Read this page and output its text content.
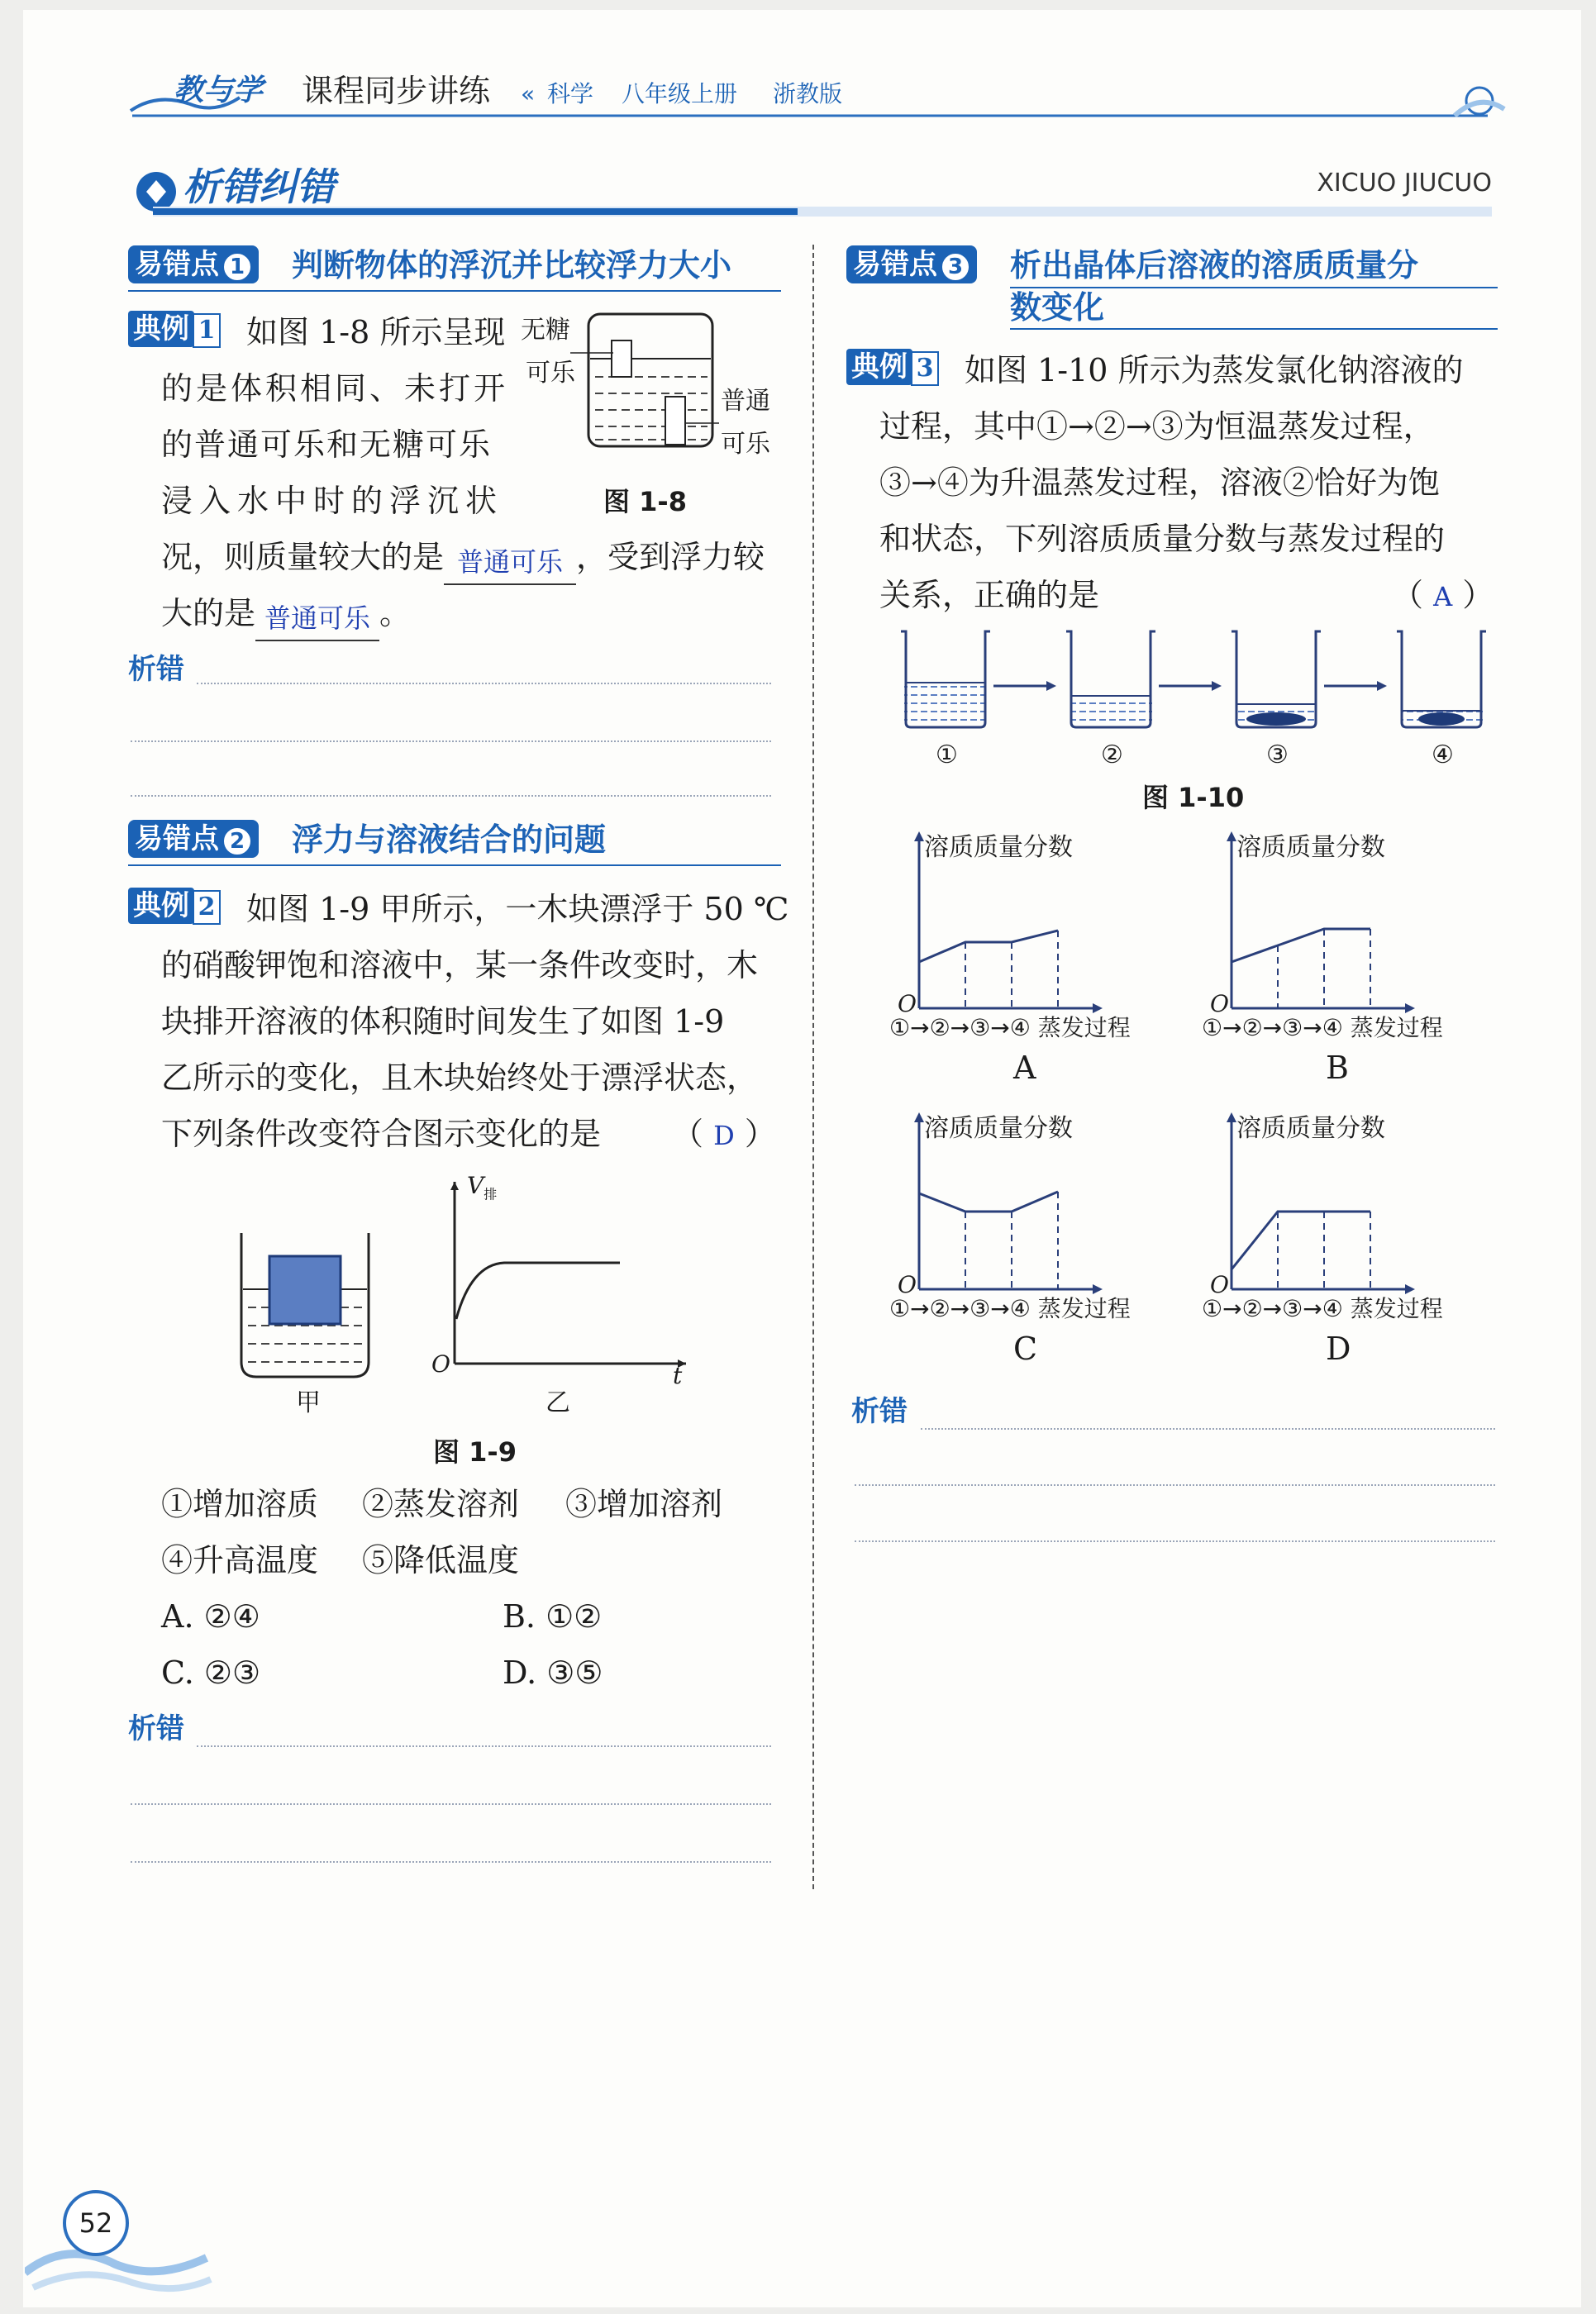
教与学 课程同步讲练 « 科学 八年级上册 浙教版
析错纠错	XICUO JIUCUO
易错点 1	判断物体的浮沉并比较浮力大小
典例 1 如图 1-8 所示呈现
的是体积相同、未打开
的普通可乐和无糖可乐
浸入水中时的浮沉状
况，则质量较大的是 普通可乐 ，受到浮力较
大的是 普通可乐 。
无糖
可乐
普通
可乐
图 1-8
析错
易错点 2	浮力与溶液结合的问题
典例 2 如图 1-9 甲所示，一木块漂浮于 50 ℃
的硝酸钾饱和溶液中，某一条件改变时，木
块排开溶液的体积随时间发生了如图 1-9
乙所示的变化，且木块始终处于漂浮状态，
下列条件改变符合图示变化的是 （ D ）
$V_排$
O	t
甲	乙
图 1-9
①增加溶质 ②蒸发溶剂 ③增加溶剂
④升高温度 ⑤降低温度
A. ②④	B. ①②
C. ②③	D. ③⑤
析错
易错点 3	析出晶体后溶液的溶质质量分
数变化
典例 3 如图 1-10 所示为蒸发氯化钠溶液的
过程，其中①→②→③为恒温蒸发过程，
③→④为升温蒸发过程，溶液②恰好为饱
和状态，下列溶质质量分数与蒸发过程的
关系，正确的是	（ A ）
①	②	③	④
图 1-10
溶质质量分数
O
①→②→③→④ 蒸发过程
A
溶质质量分数
O
①→②→③→④ 蒸发过程
B
溶质质量分数
O
①→②→③→④ 蒸发过程
C
溶质质量分数
O
①→②→③→④ 蒸发过程
D
析错
52
